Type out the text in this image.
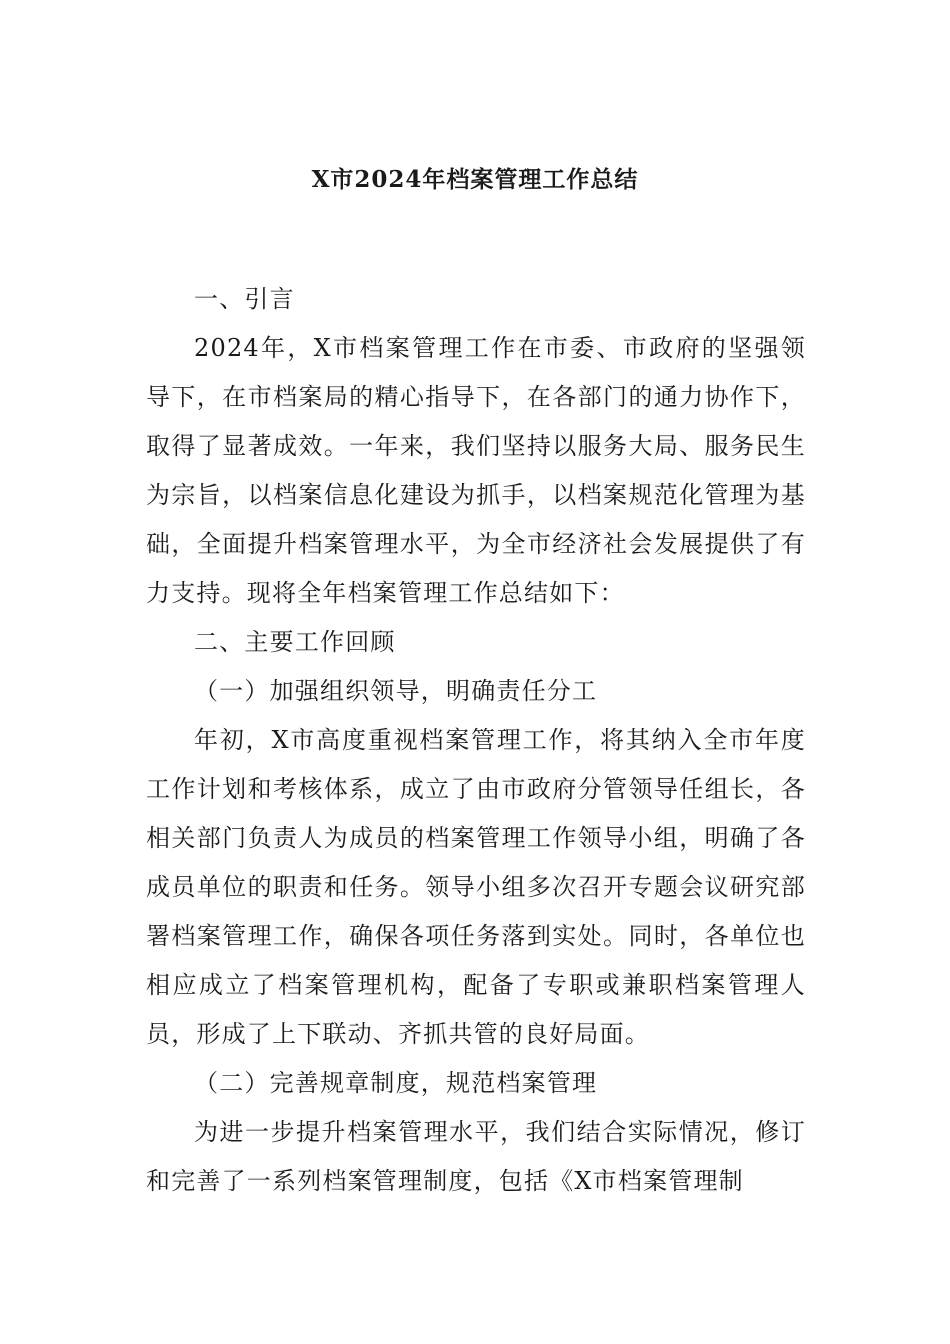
X市2024年档案管理工作总结

一、引言

2024年，X市档案管理工作在市委、市政府的坚强领导下，在市档案局的精心指导下，在各部门的通力协作下，取得了显著成效。一年来，我们坚持以服务大局、服务民生为宗旨，以档案信息化建设为抓手，以档案规范化管理为基础，全面提升档案管理水平，为全市经济社会发展提供了有力支持。现将全年档案管理工作总结如下：

二、主要工作回顾

（一）加强组织领导，明确责任分工

年初，X市高度重视档案管理工作，将其纳入全市年度工作计划和考核体系，成立了由市政府分管领导任组长，各相关部门负责人为成员的档案管理工作领导小组，明确了各成员单位的职责和任务。领导小组多次召开专题会议研究部署档案管理工作，确保各项任务落到实处。同时，各单位也相应成立了档案管理机构，配备了专职或兼职档案管理人员，形成了上下联动、齐抓共管的良好局面。

（二）完善规章制度，规范档案管理

为进一步提升档案管理水平，我们结合实际情况，修订和完善了一系列档案管理制度，包括《X市档案管理制
